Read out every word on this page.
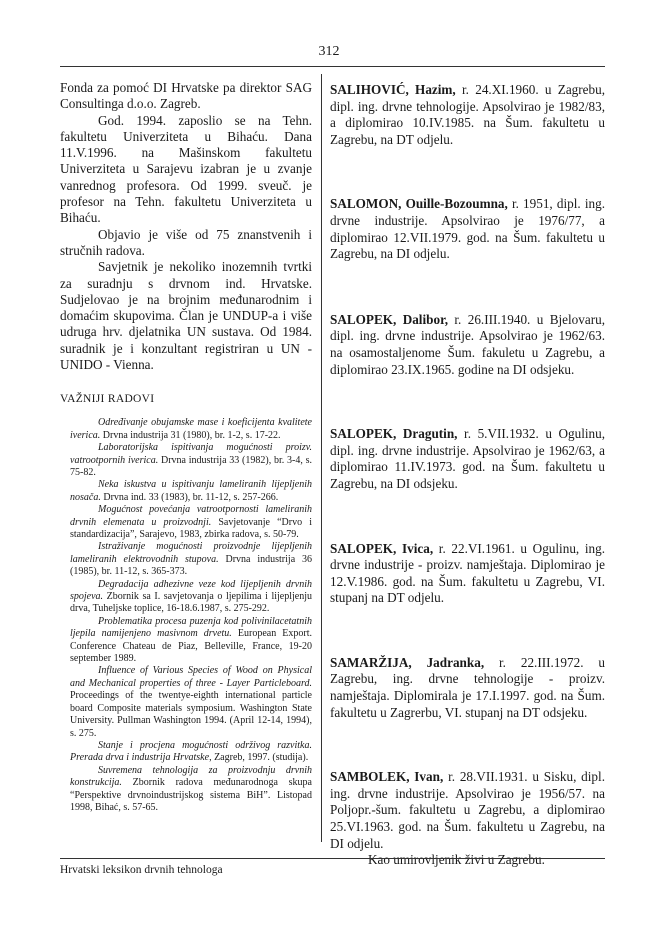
312

Fonda za pomoć DI Hrvatske pa direktor SAG Consultinga d.o.o. Zagreb.

God. 1994. zaposlio se na Tehn. fakultetu Univerziteta u Bihaću. Dana 11.V.1996. na Mašinskom fakultetu Univerziteta u Sarajevu izabran je u zvanje vanrednog profesora. Od 1999. sveuč. je profesor na Tehn. fakultetu Univerziteta u Bihaću.

Objavio je više od 75 znanstvenih i stručnih radova.

Savjetnik je nekoliko inozemnih tvrtki za suradnju s drvnom ind. Hrvatske. Sudjelovao je na brojnim međunarodnim i domaćim skupovima. Član je UNDUP-a i više udruga hrv. djelatnika UN sustava. Od 1984. suradnik je i konzultant registriran u UN - UNIDO - Vienna.

VAŽNIJI RADOVI

Određivanje obujamske mase i koeficijenta kvalitete iverica. Drvna industrija 31 (1980), br. 1-2, s. 17-22.

Laboratorijska ispitivanja mogućnosti proizv. vatrootpornih iverica. Drvna industrija 33 (1982), br. 3-4, s. 75-82.

Neka iskustva u ispitivanju lameliranih lijepljenih nosača. Drvna ind. 33 (1983), br. 11-12, s. 257-266.

Mogućnost povećanja vatrootpornosti lameliranih drvnih elemenata u proizvodnji. Savjetovanje “Drvo i standardizacija”, Sarajevo, 1983, zbirka radova, s. 50-79.

Istraživanje mogućnosti proizvodnje lijepljenih lameliranih elektrovodnih stupova. Drvna industrija 36 (1985), br. 11-12, s. 365-373.

Degradacija adhezivne veze kod lijepljenih drvnih spojeva. Zbornik sa I. savjetovanja o ljepilima i lijepljenju drva, Tuheljske toplice, 16-18.6.1987, s. 275-292.

Problematika procesa puzenja kod polivinilacetatnih ljepila namijenjeno masivnom drvetu. European Export. Conference Chateau de Piaz, Belleville, France, 19-20 september 1989.

Influence of Various Species of Wood on Physical and Mechanical properties of three - Layer Particleboard. Proceedings of the twentye-eighth international particle board Composite materials symposium. Washington State University. Pullman Washington 1994. (April 12-14, 1994), s. 275.

Stanje i procjena mogućnosti održivog razvitka. Prerada drva i industrija Hrvatske, Zagreb, 1997. (studija).

Suvremena tehnologija za proizvodnju drvnih konstrukcija. Zbornik radova međunarodnoga skupa “Perspektive drvnoindustrijskog sistema BiH”. Listopad 1998, Bihać, s. 57-65.

SALIHOVIĆ, Hazim, r. 24.XI.1960. u Zagrebu, dipl. ing. drvne tehnologije. Apsolvirao je 1982/83, a diplomirao 10.IV.1985. na Šum. fakultetu u Zagrebu, na DT odjelu.

SALOMON, Ouille-Bozoumna, r. 1951, dipl. ing. drvne industrije. Apsolvirao je 1976/77, a diplomirao 12.VII.1979. god. na Šum. fakultetu u Zagrebu, na DI odjelu.

SALOPEK, Dalibor, r. 26.III.1940. u Bjelovaru, dipl. ing. drvne industrije. Apsolvirao je 1962/63. na osamostaljenome Šum. fakuletu u Zagrebu, a diplomirao 23.IX.1965. godine na DI odsjeku.

SALOPEK, Dragutin, r. 5.VII.1932. u Ogulinu, dipl. ing. drvne industrije. Apsolvirao je 1962/63, a diplomirao 11.IV.1973. god. na Šum. fakultetu u Zagrebu, na DI odsjeku.

SALOPEK, Ivica, r. 22.VI.1961. u Ogulinu, ing. drvne industrije - proizv. namještaja. Diplomirao je 12.V.1986. god. na Šum. fakultetu u Zagrebu, VI. stupanj na DT odjelu.

SAMARŽIJA, Jadranka, r. 22.III.1972. u Zagrebu, ing. drvne tehnologije - proizv. namještaja. Diplomirala je 17.I.1997. god. na Šum. fakultetu u Zagrerbu, VI. stupanj na DT odsjeku.

SAMBOLEK, Ivan, r. 28.VII.1931. u Sisku, dipl. ing. drvne industrije. Apsolvirao je 1956/57. na Poljopr.-šum. fakultetu u Zagrebu, a diplomirao 25.VI.1963. god. na Šum. fakultetu u Zagrebu, na DI odjelu.

Kao umirovljenik živi u Zagrebu.

Hrvatski leksikon drvnih tehnologa
